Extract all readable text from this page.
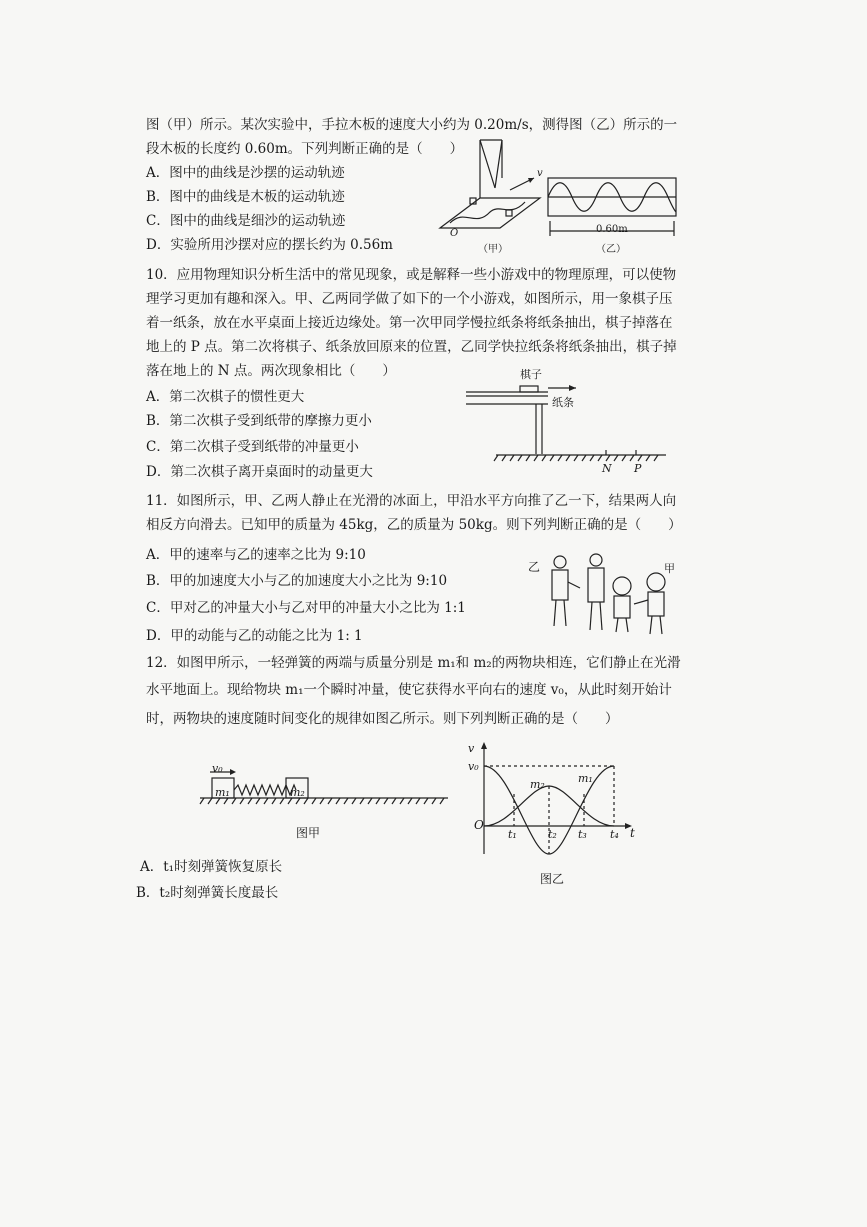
图（甲）所示。某次实验中，手拉木板的速度大小约为 0.20m/s，测得图（乙）所示的一
段木板的长度约 0.60m。下列判断正确的是（　　）
A．图中的曲线是沙摆的运动轨迹
B．图中的曲线是木板的运动轨迹
C．图中的曲线是细沙的运动轨迹
D．实验所用沙摆对应的摆长约为 0.56m
v
O
（甲）
0.60m
（乙）
10．应用物理知识分析生活中的常见现象，或是解释一些小游戏中的物理原理，可以使物
理学习更加有趣和深入。甲、乙两同学做了如下的一个小游戏，如图所示，用一象棋子压
着一纸条，放在水平桌面上接近边缘处。第一次甲同学慢拉纸条将纸条抽出，棋子掉落在
地上的 P 点。第二次将棋子、纸条放回原来的位置，乙同学快拉纸条将纸条抽出，棋子掉
落在地上的 N 点。两次现象相比（　　）
A．第二次棋子的惯性更大
B．第二次棋子受到纸带的摩擦力更小
C．第二次棋子受到纸带的冲量更小
D．第二次棋子离开桌面时的动量更大
棋子
纸条
N P
11．如图所示，甲、乙两人静止在光滑的冰面上，甲沿水平方向推了乙一下，结果两人向
相反方向滑去。已知甲的质量为 45kg，乙的质量为 50kg。则下列判断正确的是（　　）
A．甲的速率与乙的速率之比为 9:10
B．甲的加速度大小与乙的加速度大小之比为 9:10
C．甲对乙的冲量大小与乙对甲的冲量大小之比为 1:1
D．甲的动能与乙的动能之比为 1: 1
乙	甲
12．如图甲所示，一轻弹簧的两端与质量分别是 m₁和 m₂的两物块相连，它们静止在光滑
水平地面上。现给物块 m₁一个瞬时冲量，使它获得水平向右的速度 v₀，从此时刻开始计
时，两物块的速度随时间变化的规律如图乙所示。则下列判断正确的是（　　）
v₀
m₁	m₂
图甲
v
v₀
O
m₂	m₁
t₁	t₂ t₃ t₄ t
图乙
A．t₁时刻弹簧恢复原长
B．t₂时刻弹簧长度最长
